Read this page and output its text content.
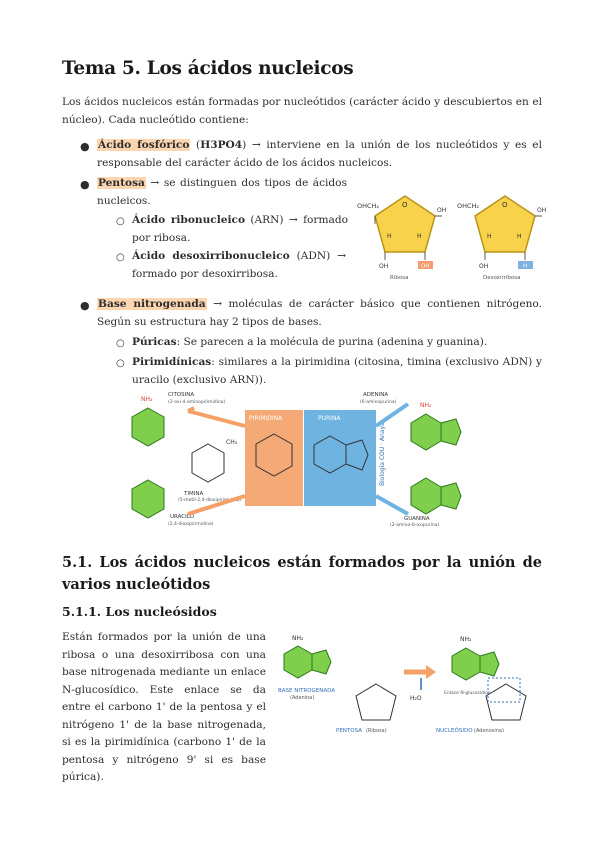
Tema 5. Los ácidos nucleicos

Los ácidos nucleicos están formadas por nucleótidos (carácter ácido y descubiertos en el núcleo). Cada nucleótido contiene:

● Ácido fosfórico (H3PO4) → interviene en la unión de los nucleótidos y es el responsable del carácter ácido de los ácidos nucleicos.

● Pentosa → se distinguen dos tipos de ácidos nucleicos.

○ Ácido ribonucleico (ARN) → formado por ribosa.

○ Ácido desoxirribonucleico (ADN) → formado por desoxirribosa.

O
OHCH₂
OH
H	H
OH	OH
Ribosa
O
OHCH₂
OH
H	H
OH	H
Desoxirribosa
● Base nitrogenada → moléculas de carácter básico que contienen nitrógeno. Según su estructura hay 2 tipos de bases.

○ Púricas: Se parecen a la molécula de purina (adenina y guanina).

○ Pirimidínicas: similares a la pirimidina (citosina, timina (exclusivo ADN) y uracilo (exclusivo ARN)).

PIRIMIDINA	PURINA
Biología COU · Anaya
NH₂
CITOSINA
(2-oxi-4-aminopirimidina)
CH₃
TIMINA
(5-metil-2,4-dioxipirimidina)
URACILO
(2,4-dioxipirimidina)
NH₂
ADENINA
(6-aminopurina)
GUANINA
(2-amino-6-oxipurina)
5.1. Los ácidos nucleicos están formados por la unión de varios nucleótidos
5.1.1. Los nucleósidos

Están formados por la unión de una ribosa o una desoxirribosa con una base nitrogenada mediante un enlace N-glucosídico. Este enlace se da entre el carbono 1' de la pentosa y el nitrógeno 1' de la base nitrogenada, si es la pirimidínica (carbono 1' de la pentosa y nitrógeno 9' si es base púrica).

NH₂
BASE NITROGENADA
(Adenina)
PENTOSA (Ribosa)
H₂O
NH₂
Enlace N-glucosídico
NUCLEÓSIDO (Adenosina)
